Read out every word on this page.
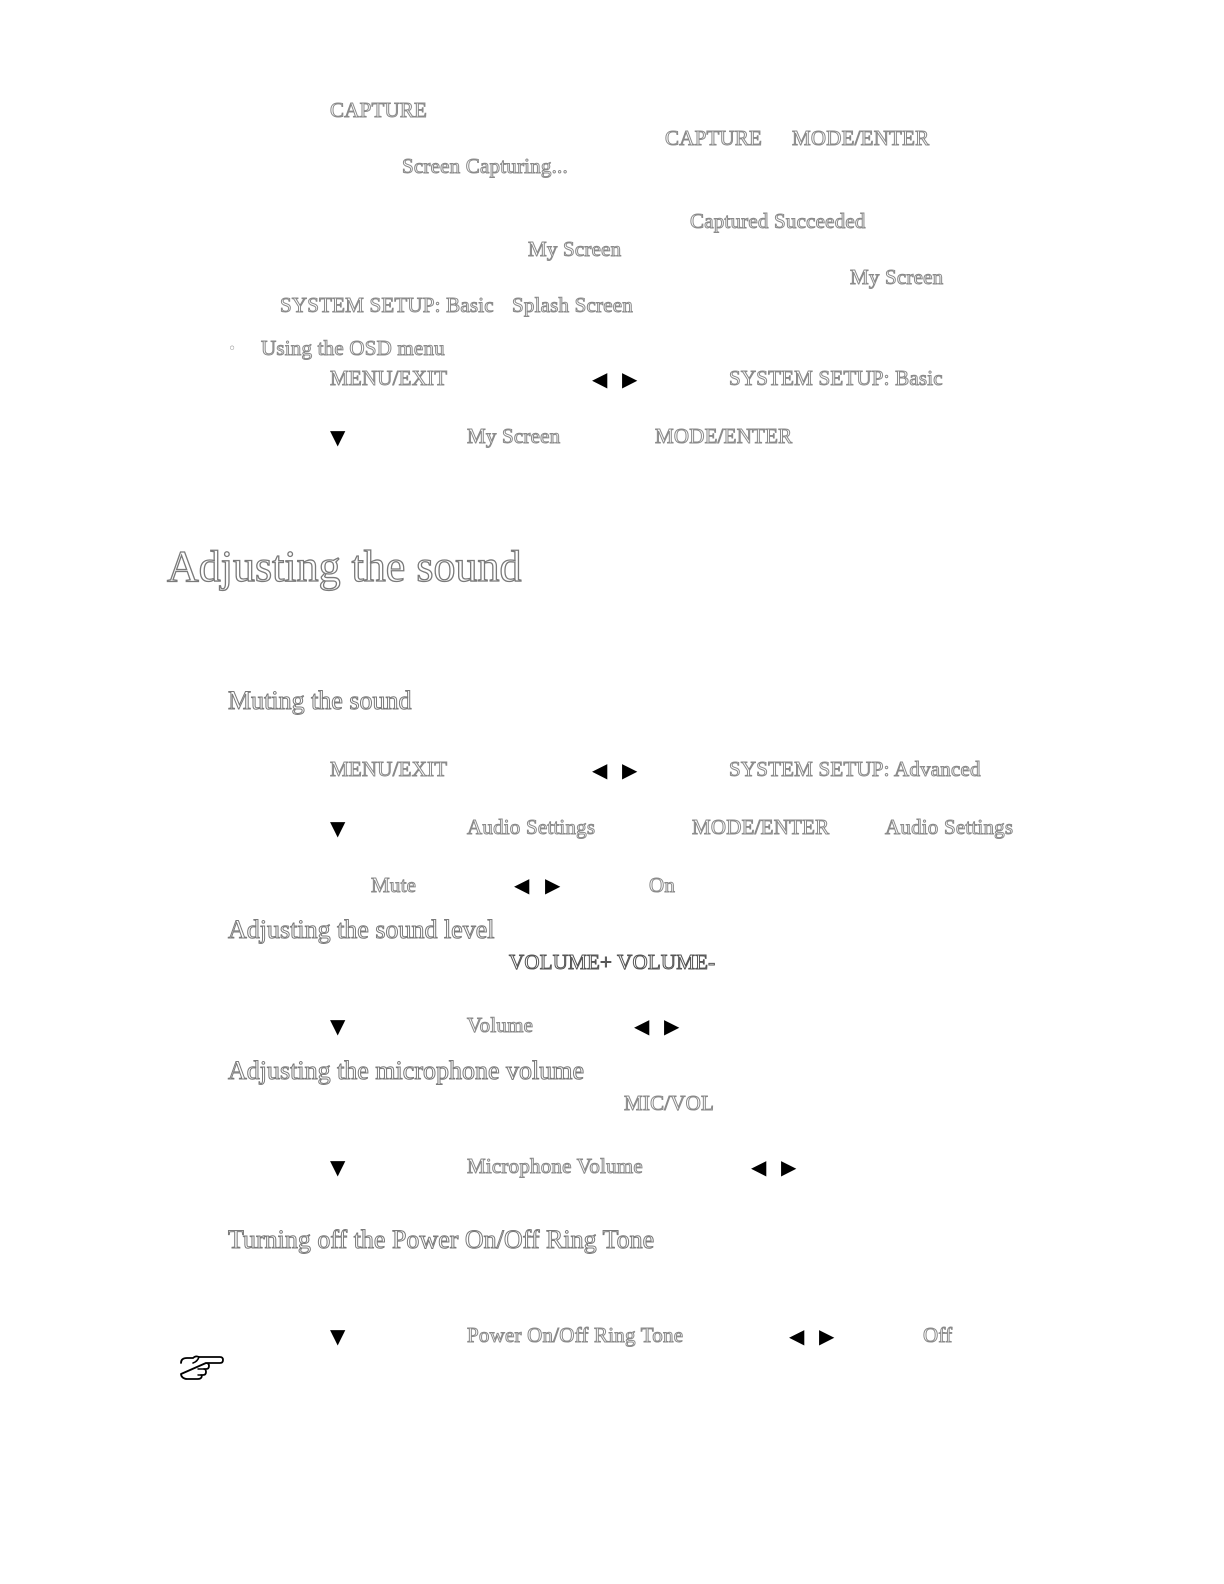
CAPTURE
CAPTURE MODE/ENTER
Screen Capturing...
Captured Succeeded
My Screen
My Screen
SYSTEM SETUP: Basic Splash Screen
◦ Using the OSD menu
MENU/EXIT	◀ ▶	SYSTEM SETUP: Basic
▼	My Screen	MODE/ENTER
Adjusting the sound
Muting the sound
MENU/EXIT	◀ ▶	SYSTEM SETUP: Advanced
▼	Audio Settings	MODE/ENTER	Audio Settings
Mute	◀ ▶	On
Adjusting the sound level
VOLUME+ VOLUME-
▼	Volume	◀ ▶
Adjusting the microphone volume
MIC/VOL
▼	Microphone Volume	◀ ▶
Turning off the Power On/Off Ring Tone
▼	Power On/Off Ring Tone	◀ ▶	Off
